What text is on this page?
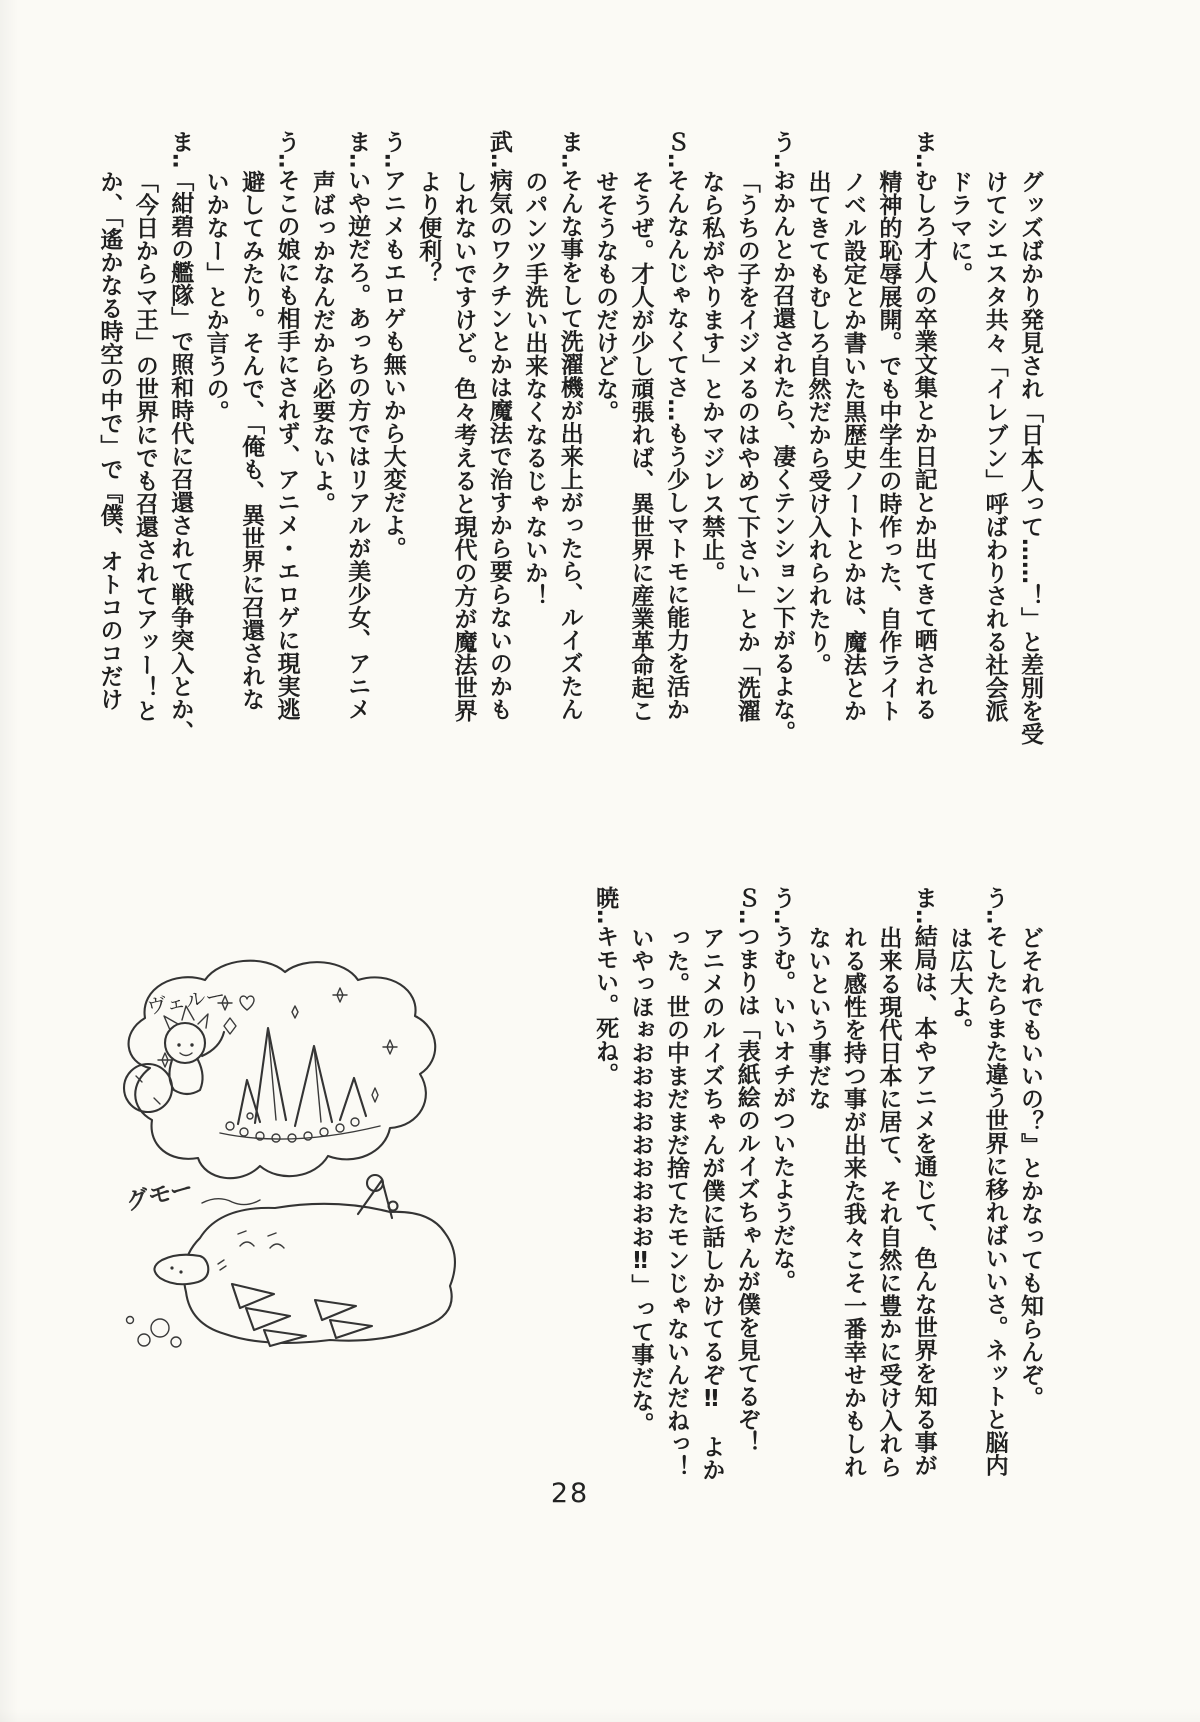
グッズばかり発見され「日本人って……！」と差別を受
けてシエスタ共々「イレブン」呼ばわりされる社会派
ドラマに。
ま‥むしろ才人の卒業文集とか日記とか出てきて晒される
精神的恥辱展開。でも中学生の時作った、自作ライト
ノベル設定とか書いた黒歴史ノートとかは、魔法とか
出てきてもむしろ自然だから受け入れられたり。
う‥おかんとか召還されたら、凄くテンション下がるよな。
「うちの子をイジメるのはやめて下さい」とか「洗濯
なら私がやります」とかマジレス禁止。
Ｓ‥そんなんじゃなくてさ…もう少しマトモに能力を活か
そうぜ。才人が少し頑張れば、異世界に産業革命起こ
せそうなものだけどな。
ま‥そんな事をして洗濯機が出来上がったら、ルイズたん
のパンツ手洗い出来なくなるじゃないか！
武‥病気のワクチンとかは魔法で治すから要らないのかも
しれないですけど。色々考えると現代の方が魔法世界
より便利？
う‥アニメもエロゲも無いから大変だよ。
ま‥いや逆だろ。あっちの方ではリアルが美少女、アニメ
声ばっかなんだから必要ないよ。
う‥そこの娘にも相手にされず、アニメ・エロゲに現実逃
避してみたり。そんで、「俺も、異世界に召還されな
いかなー」とか言うの。
ま‥「紺碧の艦隊」で照和時代に召還されて戦争突入とか、
「今日からマ王」の世界にでも召還されてアッー！と
か、「遙かなる時空の中で」で『僕、オトコのコだけ
どそれでもいいの？』とかなっても知らんぞ。
う‥そしたらまた違う世界に移ればいいさ。ネットと脳内
は広大よ。
ま‥結局は、本やアニメを通じて、色んな世界を知る事が
出来る現代日本に居て、それ自然に豊かに受け入れら
れる感性を持つ事が出来た我々こそ一番幸せかもしれ
ないという事だな
う‥うむ。いいオチがついたようだな。
Ｓ‥つまりは「表紙絵のルイズちゃんが僕を見てるぞ！
アニメのルイズちゃんが僕に話しかけてるぞ‼　よか
った。世の中まだまだ捨てたモンじゃないんだねっ！
いやっほぉおおおおおおおおお‼」って事だな。
暁‥キモい。死ね。
ヴェルー
グモー
28
